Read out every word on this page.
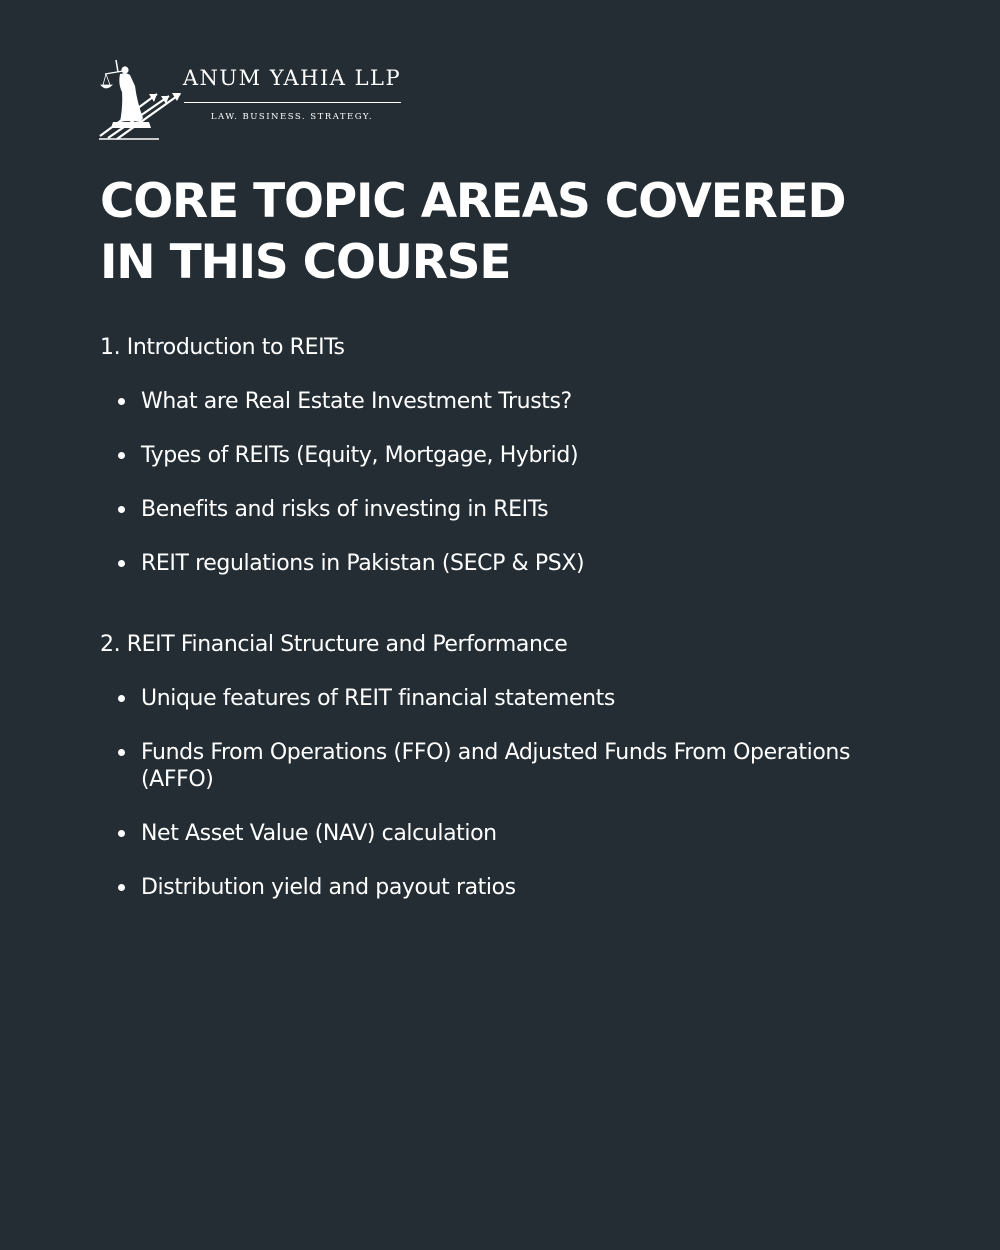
ANUM YAHIA LLP
LAW. BUSINESS. STRATEGY.
CORE TOPIC AREAS COVERED
IN THIS COURSE
1. Introduction to REITs
What are Real Estate Investment Trusts?
Types of REITs (Equity, Mortgage, Hybrid)
Benefits and risks of investing in REITs
REIT regulations in Pakistan (SECP & PSX)
2. REIT Financial Structure and Performance
Unique features of REIT financial statements
Funds From Operations (FFO) and Adjusted Funds From Operations (AFFO)
Net Asset Value (NAV) calculation
Distribution yield and payout ratios
